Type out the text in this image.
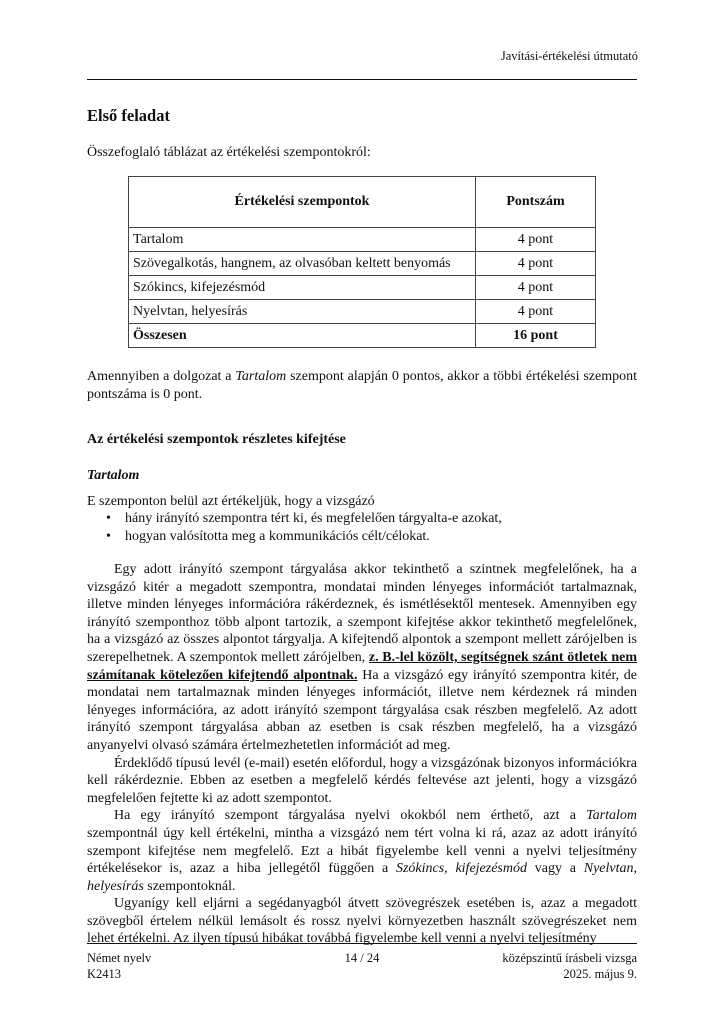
Javítási-értékelési útmutató
Első feladat
Összefoglaló táblázat az értékelési szempontokról:
Értékelési szempontok	Pontszám
Tartalom	4 pont
Szövegalkotás, hangnem, az olvasóban keltett benyomás	4 pont
Szókincs, kifejezésmód	4 pont
Nyelvtan, helyesírás	4 pont
Összesen	16 pont
Amennyiben a dolgozat a Tartalom szempont alapján 0 pontos, akkor a többi értékelési szempont pontszáma is 0 pont.
Az értékelési szempontok részletes kifejtése
Tartalom
E szemponton belül azt értékeljük, hogy a vizsgázó
• hány irányító szempontra tért ki, és megfelelően tárgyalta-e azokat,
• hogyan valósította meg a kommunikációs célt/célokat.

Egy adott irányító szempont tárgyalása akkor tekinthető a szintnek megfelelőnek, ha a vizsgázó kitér a megadott szempontra, mondatai minden lényeges információt tartalmaznak, illetve minden lényeges információra rákérdeznek, és ismétlésektől mentesek. Amennyiben egy irányító szemponthoz több alpont tartozik, a szempont kifejtése akkor tekinthető megfelelőnek, ha a vizsgázó az összes alpontot tárgyalja. A kifejtendő alpontok a szempont mellett zárójelben is szerepelhetnek. A szempontok mellett zárójelben, z. B.-lel közölt, segítségnek szánt ötletek nem számítanak kötelezően kifejtendő alpontnak. Ha a vizsgázó egy irányító szempontra kitér, de mondatai nem tartalmaznak minden lényeges információt, illetve nem kérdeznek rá minden lényeges információra, az adott irányító szempont tárgyalása csak részben megfelelő. Az adott irányító szempont tárgyalása abban az esetben is csak részben megfelelő, ha a vizsgázó anyanyelvi olvasó számára értelmezhetetlen információt ad meg.

Érdeklődő típusú levél (e-mail) esetén előfordul, hogy a vizsgázónak bizonyos információkra kell rákérdeznie. Ebben az esetben a megfelelő kérdés feltevése azt jelenti, hogy a vizsgázó megfelelően fejtette ki az adott szempontot.

Ha egy irányító szempont tárgyalása nyelvi okokból nem érthető, azt a Tartalom szempontnál úgy kell értékelni, mintha a vizsgázó nem tért volna ki rá, azaz az adott irányító szempont kifejtése nem megfelelő. Ezt a hibát figyelembe kell venni a nyelvi teljesítmény értékelésekor is, azaz a hiba jellegétől függően a Szókincs, kifejezésmód vagy a Nyelvtan, helyesírás szempontoknál.

Ugyanígy kell eljárni a segédanyagból átvett szövegrészek esetében is, azaz a megadott szövegből értelem nélkül lemásolt és rossz nyelvi környezetben használt szövegrészeket nem lehet értékelni. Az ilyen típusú hibákat továbbá figyelembe kell venni a nyelvi teljesítmény

Német nyelv
K2413
14 / 24	középszintű írásbeli vizsga
2025. május 9.
